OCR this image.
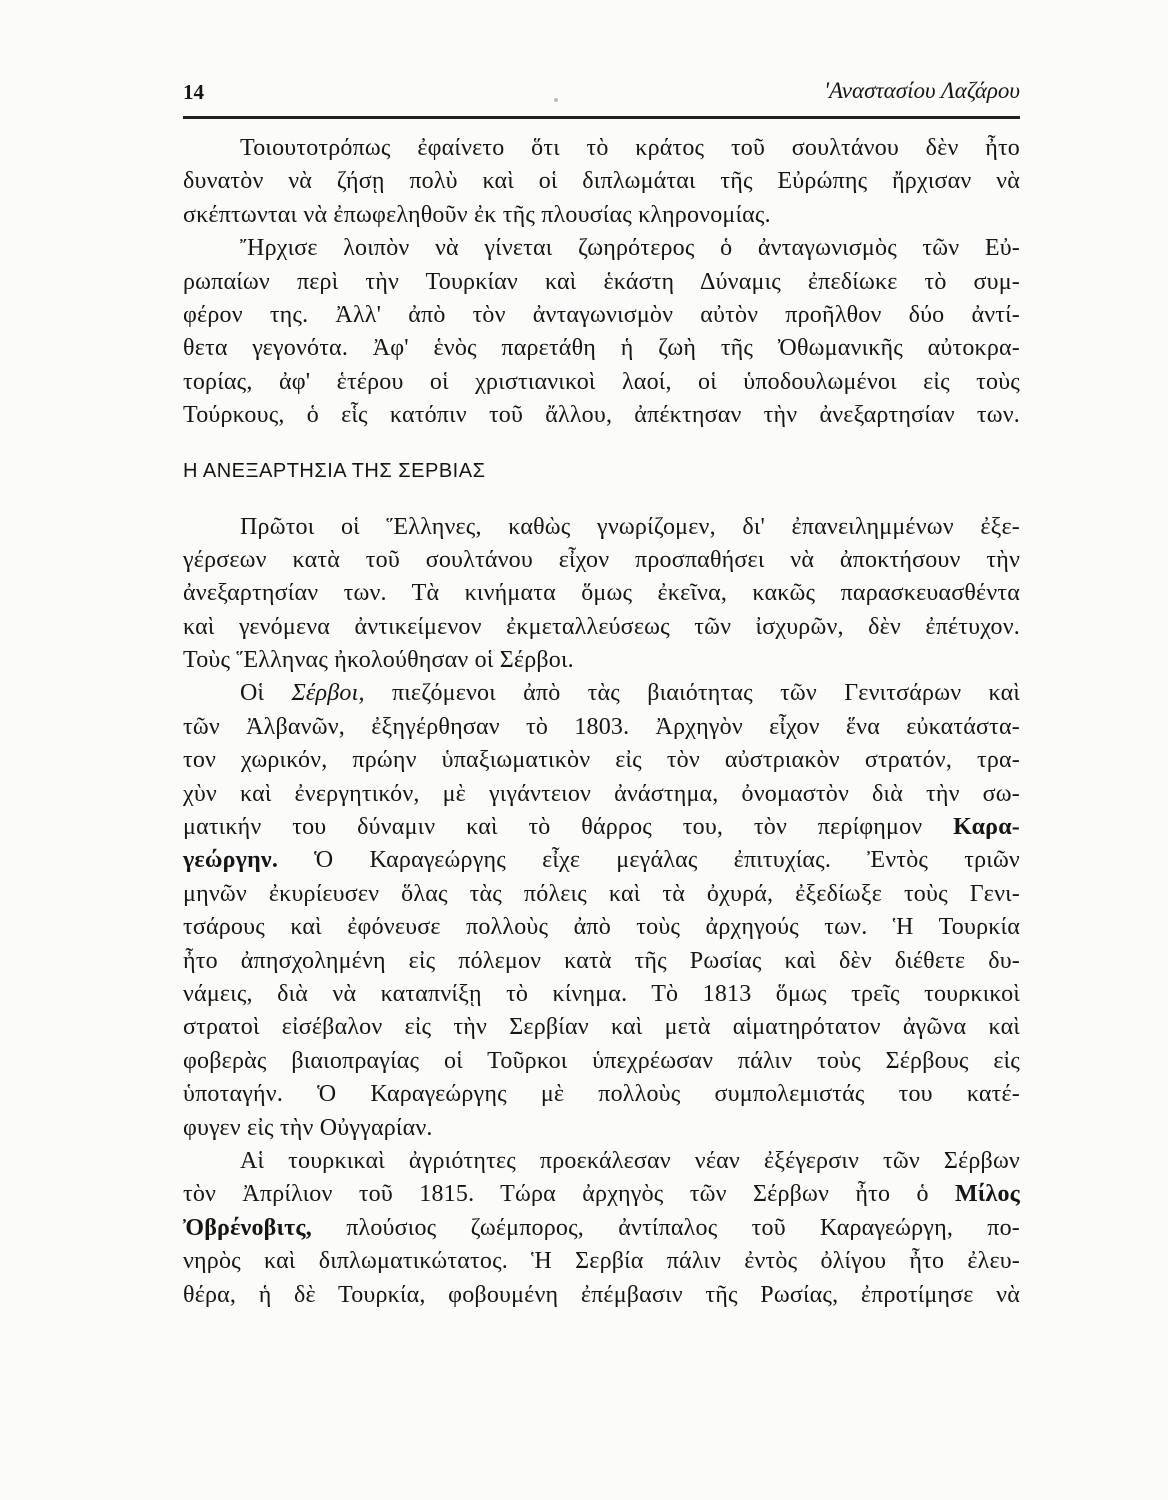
14	'Αναστασίου Λαζάρου
Τοιουτοτρόπως ἐφαίνετο ὅτι τὸ κράτος τοῦ σουλτάνου δὲν ἦτο
δυνατὸν νὰ ζήσῃ πολὺ καὶ οἱ διπλωμάται τῆς Εὐρώπης ἤρχισαν νὰ
σκέπτωνται νὰ ἐπωφεληθοῦν ἐκ τῆς πλουσίας κληρονομίας.
Ἤρχισε λοιπὸν νὰ γίνεται ζωηρότερος ὁ ἀνταγωνισμὸς τῶν Εὐ-
ρωπαίων περὶ τὴν Τουρκίαν καὶ ἑκάστη Δύναμις ἐπεδίωκε τὸ συμ-
φέρον της. Ἀλλ' ἀπὸ τὸν ἀνταγωνισμὸν αὐτὸν προῆλθον δύο ἀντί-
θετα γεγονότα. Ἀφ' ἑνὸς παρετάθη ἡ ζωὴ τῆς Ὀθωμανικῆς αὐτοκρα-
τορίας, ἀφ' ἑτέρου οἱ χριστιανικοὶ λαοί, οἱ ὑποδουλωμένοι εἰς τοὺς
Τούρκους, ὁ εἷς κατόπιν τοῦ ἄλλου, ἀπέκτησαν τὴν ἀνεξαρτησίαν των.
Η ΑΝΕΞΑΡΤΗΣΙΑ ΤΗΣ ΣΕΡΒΙΑΣ
Πρῶτοι οἱ Ἕλληνες, καθὼς γνωρίζομεν, δι' ἐπανειλημμένων ἐξε-
γέρσεων κατὰ τοῦ σουλτάνου εἶχον προσπαθήσει νὰ ἀποκτήσουν τὴν
ἀνεξαρτησίαν των. Τὰ κινήματα ὅμως ἐκεῖνα, κακῶς παρασκευασθέντα
καὶ γενόμενα ἀντικείμενον ἐκμεταλλεύσεως τῶν ἰσχυρῶν, δὲν ἐπέτυχον.
Τοὺς Ἕλληνας ἠκολούθησαν οἱ Σέρβοι.
Οἱ Σέρβοι, πιεζόμενοι ἀπὸ τὰς βιαιότητας τῶν Γενιτσάρων καὶ
τῶν Ἀλβανῶν, ἐξηγέρθησαν τὸ 1803. Ἀρχηγὸν εἶχον ἕνα εὐκατάστα-
τον χωρικόν, πρώην ὑπαξιωματικὸν εἰς τὸν αὐστριακὸν στρατόν, τρα-
χὺν καὶ ἐνεργητικόν, μὲ γιγάντειον ἀνάστημα, ὀνομαστὸν διὰ τὴν σω-
ματικήν του δύναμιν καὶ τὸ θάρρος του, τὸν περίφημον Καρα-
γεώργην. Ὁ Καραγεώργης εἶχε μεγάλας ἐπιτυχίας. Ἐντὸς τριῶν
μηνῶν ἐκυρίευσεν ὅλας τὰς πόλεις καὶ τὰ ὀχυρά, ἐξεδίωξε τοὺς Γενι-
τσάρους καὶ ἐφόνευσε πολλοὺς ἀπὸ τοὺς ἀρχηγούς των. Ἡ Τουρκία
ἦτο ἀπησχολημένη εἰς πόλεμον κατὰ τῆς Ρωσίας καὶ δὲν διέθετε δυ-
νάμεις, διὰ νὰ καταπνίξῃ τὸ κίνημα. Τὸ 1813 ὅμως τρεῖς τουρκικοὶ
στρατοὶ εἰσέβαλον εἰς τὴν Σερβίαν καὶ μετὰ αἱματηρότατον ἀγῶνα καὶ
φοβερὰς βιαιοπραγίας οἱ Τοῦρκοι ὑπεχρέωσαν πάλιν τοὺς Σέρβους εἰς
ὑποταγήν. Ὁ Καραγεώργης μὲ πολλοὺς συμπολεμιστάς του κατέ-
φυγεν εἰς τὴν Οὐγγαρίαν.
Αἱ τουρκικαὶ ἀγριότητες προεκάλεσαν νέαν ἐξέγερσιν τῶν Σέρβων
τὸν Ἀπρίλιον τοῦ 1815. Τώρα ἀρχηγὸς τῶν Σέρβων ἦτο ὁ Μίλος
Ὀβρένοβιτς, πλούσιος ζωέμπορος, ἀντίπαλος τοῦ Καραγεώργη, πο-
νηρὸς καὶ διπλωματικώτατος. Ἡ Σερβία πάλιν ἐντὸς ὀλίγου ἦτο ἐλευ-
θέρα, ἡ δὲ Τουρκία, φοβουμένη ἐπέμβασιν τῆς Ρωσίας, ἐπροτίμησε νὰ
